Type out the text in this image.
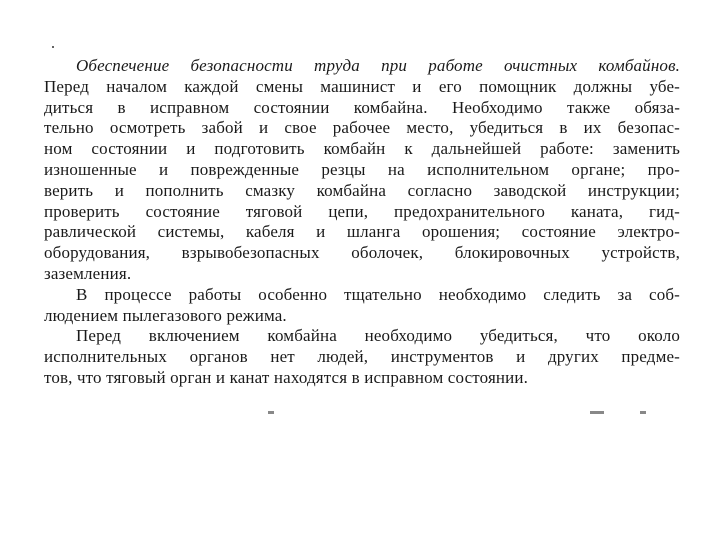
Обеспечение безопасности труда при работе очистных комбайнов.
Перед началом каждой смены машинист и его помощник должны убе-
диться в исправном состоянии комбайна. Необходимо также обяза-
тельно осмотреть забой и свое рабочее место, убедиться в их безопас-
ном состоянии и подготовить комбайн к дальнейшей работе: заменить
изношенные и поврежденные резцы на исполнительном органе; про-
верить и пополнить смазку комбайна согласно заводской инструкции;
проверить состояние тяговой цепи, предохранительного каната, гид-
равлической системы, кабеля и шланга орошения; состояние электро-
оборудования, взрывобезопасных оболочек, блокировочных устройств,
заземления.
В процессе работы особенно тщательно необходимо следить за соб-
людением пылегазового режима.
Перед включением комбайна необходимо убедиться, что около
исполнительных органов нет людей, инструментов и других предме-
тов, что тяговый орган и канат находятся в исправном состоянии.
